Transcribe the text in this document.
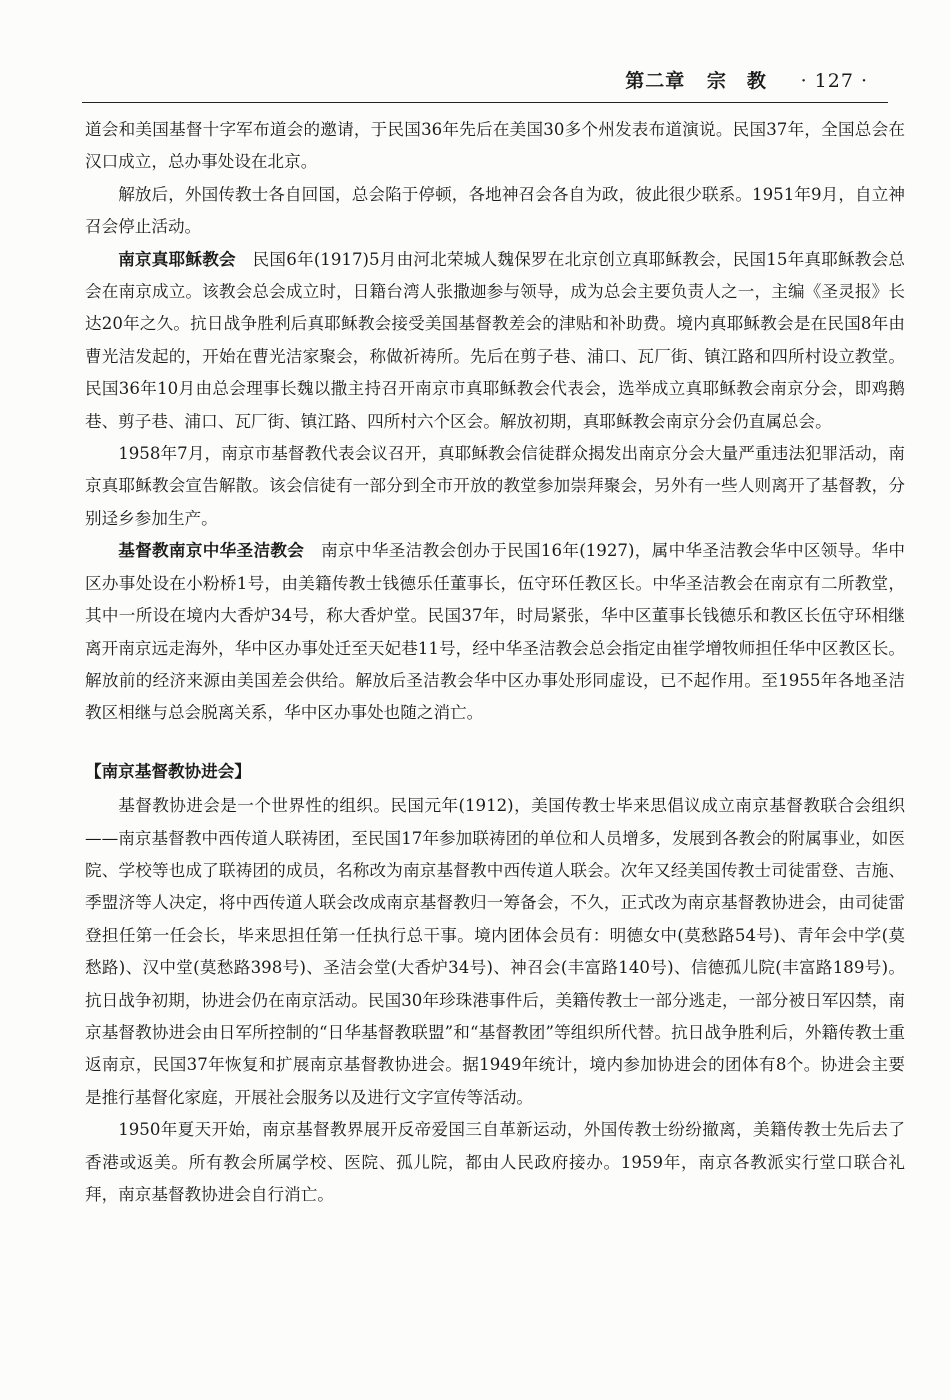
第二章 宗　教 · 127 ·

道会和美国基督十字军布道会的邀请，于民国36年先后在美国30多个州发表布道演说。民国37年，全国总会在汉口成立，总办事处设在北京。

解放后，外国传教士各自回国，总会陷于停顿，各地神召会各自为政，彼此很少联系。1951年9月，自立神召会停止活动。

南京真耶稣教会　民国6年(1917)5月由河北荣城人魏保罗在北京创立真耶稣教会，民国15年真耶稣教会总会在南京成立。该教会总会成立时，日籍台湾人张撒迦参与领导，成为总会主要负责人之一，主编《圣灵报》长达20年之久。抗日战争胜利后真耶稣教会接受美国基督教差会的津贴和补助费。境内真耶稣教会是在民国8年由曹光洁发起的，开始在曹光洁家聚会，称做祈祷所。先后在剪子巷、浦口、瓦厂街、镇江路和四所村设立教堂。民国36年10月由总会理事长魏以撒主持召开南京市真耶稣教会代表会，选举成立真耶稣教会南京分会，即鸡鹅巷、剪子巷、浦口、瓦厂街、镇江路、四所村六个区会。解放初期，真耶稣教会南京分会仍直属总会。

1958年7月，南京市基督教代表会议召开，真耶稣教会信徒群众揭发出南京分会大量严重违法犯罪活动，南京真耶稣教会宣告解散。该会信徒有一部分到全市开放的教堂参加崇拜聚会，另外有一些人则离开了基督教，分别迳乡参加生产。

基督教南京中华圣洁教会　南京中华圣洁教会创办于民国16年(1927)，属中华圣洁教会华中区领导。华中区办事处设在小粉桥1号，由美籍传教士钱德乐任董事长，伍守环任教区长。中华圣洁教会在南京有二所教堂，其中一所设在境内大香炉34号，称大香炉堂。民国37年，时局紧张，华中区董事长钱德乐和教区长伍守环相继离开南京远走海外，华中区办事处迁至天妃巷11号，经中华圣洁教会总会指定由崔学增牧师担任华中区教区长。解放前的经济来源由美国差会供给。解放后圣洁教会华中区办事处形同虚设，已不起作用。至1955年各地圣洁教区相继与总会脱离关系，华中区办事处也随之消亡。

【南京基督教协进会】

基督教协进会是一个世界性的组织。民国元年(1912)，美国传教士毕来思倡议成立南京基督教联合会组织——南京基督教中西传道人联祷团，至民国17年参加联祷团的单位和人员增多，发展到各教会的附属事业，如医院、学校等也成了联祷团的成员，名称改为南京基督教中西传道人联会。次年又经美国传教士司徒雷登、吉施、季盟济等人决定，将中西传道人联会改成南京基督教归一筹备会，不久，正式改为南京基督教协进会，由司徒雷登担任第一任会长，毕来思担任第一任执行总干事。境内团体会员有：明德女中(莫愁路54号)、青年会中学(莫愁路)、汉中堂(莫愁路398号)、圣洁会堂(大香炉34号)、神召会(丰富路140号)、信德孤儿院(丰富路189号)。抗日战争初期，协进会仍在南京活动。民国30年珍珠港事件后，美籍传教士一部分逃走，一部分被日军囚禁，南京基督教协进会由日军所控制的“日华基督教联盟”和“基督教团”等组织所代替。抗日战争胜利后，外籍传教士重返南京，民国37年恢复和扩展南京基督教协进会。据1949年统计，境内参加协进会的团体有8个。协进会主要是推行基督化家庭，开展社会服务以及进行文字宣传等活动。

1950年夏天开始，南京基督教界展开反帝爱国三自革新运动，外国传教士纷纷撤离，美籍传教士先后去了香港或返美。所有教会所属学校、医院、孤儿院，都由人民政府接办。1959年，南京各教派实行堂口联合礼拜，南京基督教协进会自行消亡。
